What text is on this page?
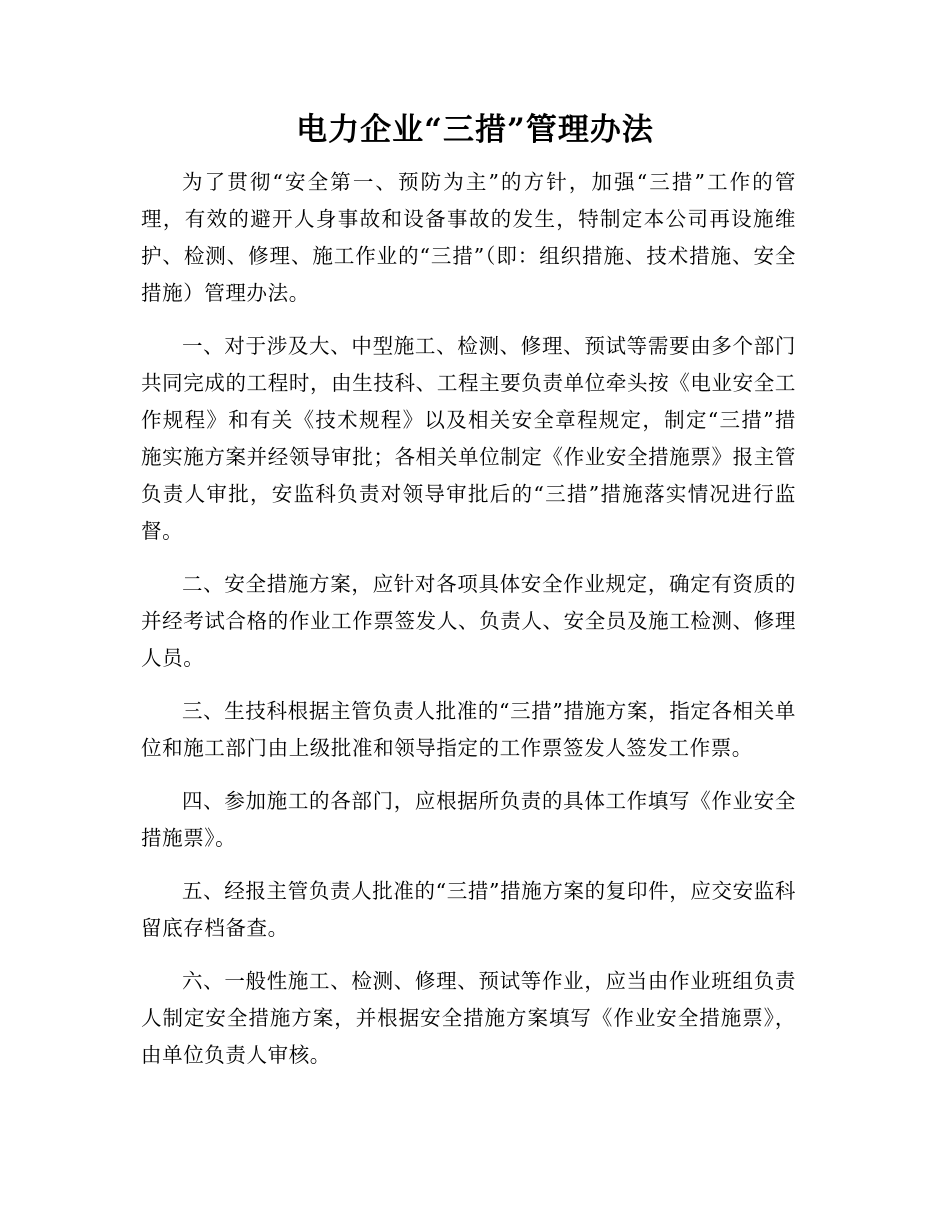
电力企业“三措”管理办法

为了贯彻“安全第一、预防为主”的方针，加强“三措”工作的管理，有效的避开人身事故和设备事故的发生，特制定本公司再设施维护、检测、修理、施工作业的“三措”（即：组织措施、技术措施、安全措施）管理办法。

一、对于涉及大、中型施工、检测、修理、预试等需要由多个部门共同完成的工程时，由生技科、工程主要负责单位牵头按《电业安全工作规程》和有关《技术规程》以及相关安全章程规定，制定“三措”措施实施方案并经领导审批；各相关单位制定《作业安全措施票》报主管负责人审批，安监科负责对领导审批后的“三措”措施落实情况进行监督。

二、安全措施方案，应针对各项具体安全作业规定，确定有资质的并经考试合格的作业工作票签发人、负责人、安全员及施工检测、修理人员。

三、生技科根据主管负责人批准的“三措”措施方案，指定各相关单位和施工部门由上级批准和领导指定的工作票签发人签发工作票。

四、参加施工的各部门，应根据所负责的具体工作填写《作业安全措施票》。

五、经报主管负责人批准的“三措”措施方案的复印件，应交安监科留底存档备查。

六、一般性施工、检测、修理、预试等作业，应当由作业班组负责人制定安全措施方案，并根据安全措施方案填写《作业安全措施票》，由单位负责人审核。
